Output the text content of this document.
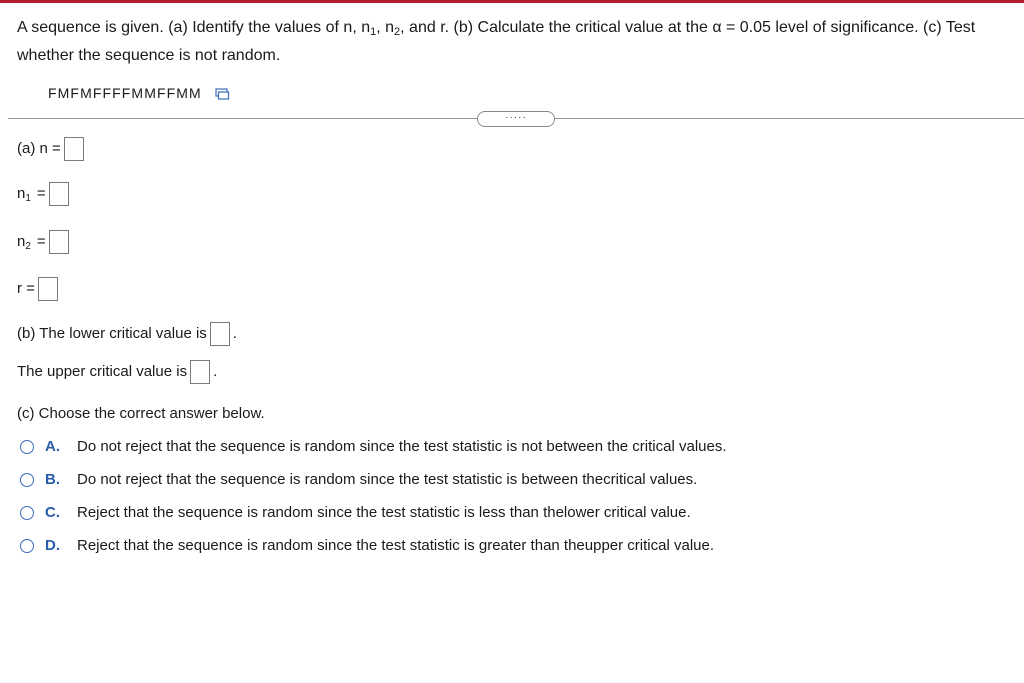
A sequence is given. (a) Identify the values of n, $n_1$, $n_2$, and r. (b) Calculate the critical value at the α = 0.05 level of significance. (c) Test whether the sequence is not random.
FMFMFFFFMMFFMM
·····
(a) n =
$n_1$ =
$n_2$ =
r =
(b) The lower critical value is .
The upper critical value is .
(c) Choose the correct answer below.
A.	Do not reject that the sequence is random since the test statistic is not between the critical values.
B.	Do not reject that the sequence is random since the test statistic is between thecritical values.
C.	Reject that the sequence is random since the test statistic is less than thelower critical value.
D.	Reject that the sequence is random since the test statistic is greater than theupper critical value.
